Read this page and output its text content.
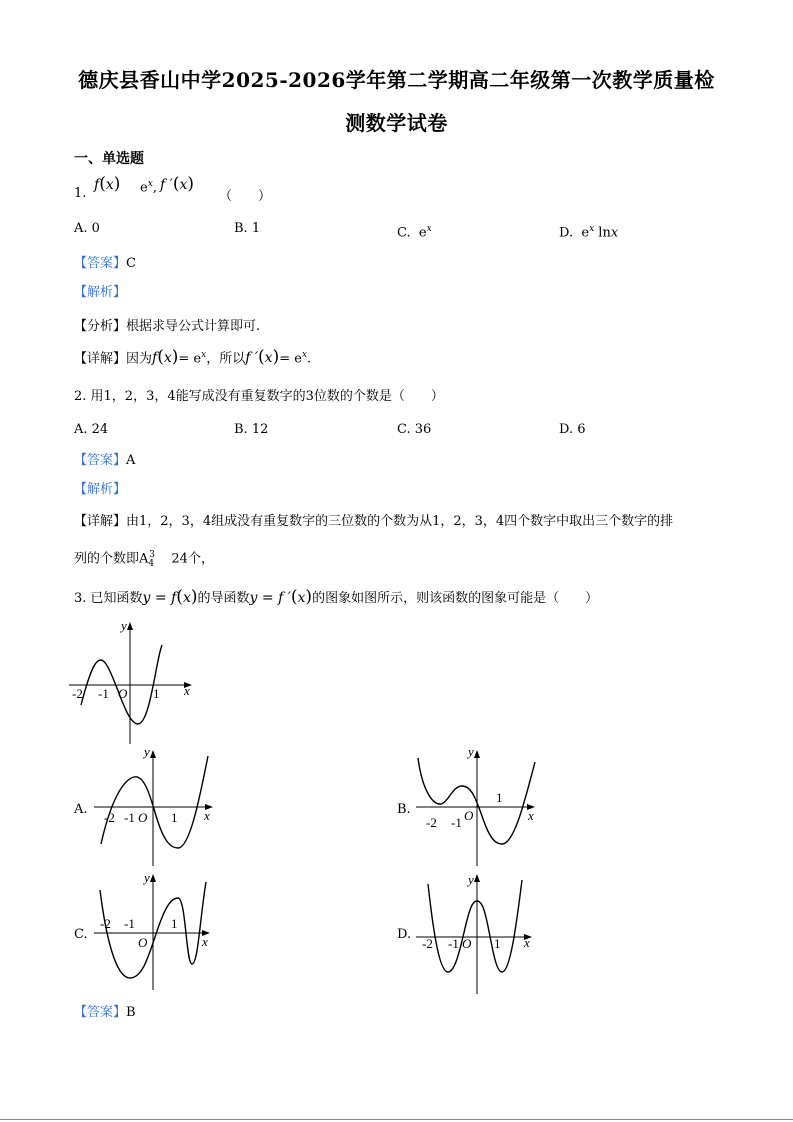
德庆县香山中学2025-2026学年第二学期高二年级第一次教学质量检
测数学试卷
一、单选题
1.
f(x) $e^x$, f ′(x)
（　　）
A. 0	B. 1	C. $e^x$	D. $e^x$ lnx
【答案】C
【解析】
【分析】根据求导公式计算即可.
【详解】因为$f(x)= e^x$，所以f $'(x)= e^x$.
2. 用1，2，3，4能写成没有重复数字的3位数的个数是（　　）
A. 24	B. 12	C. 36	D. 6
【答案】A
【解析】
【详解】由1，2，3，4组成没有重复数字的三位数的个数为从1，2，3，4四个数字中取出三个数字的排
列的个数即$A_4^3$ 24个，
3. 已知函数y = f(x)的导函数y = f ′(x)的图象如图所示，则该函数的图象可能是（　　）
y
x
O
-2 -1	1
A.
y
x
O
-2 -1	1
B.
y
x
O
-2 -1
1
C.
y
x
O
-2 -1	1
D.
y
x
O
-2 -1	1
【答案】B
